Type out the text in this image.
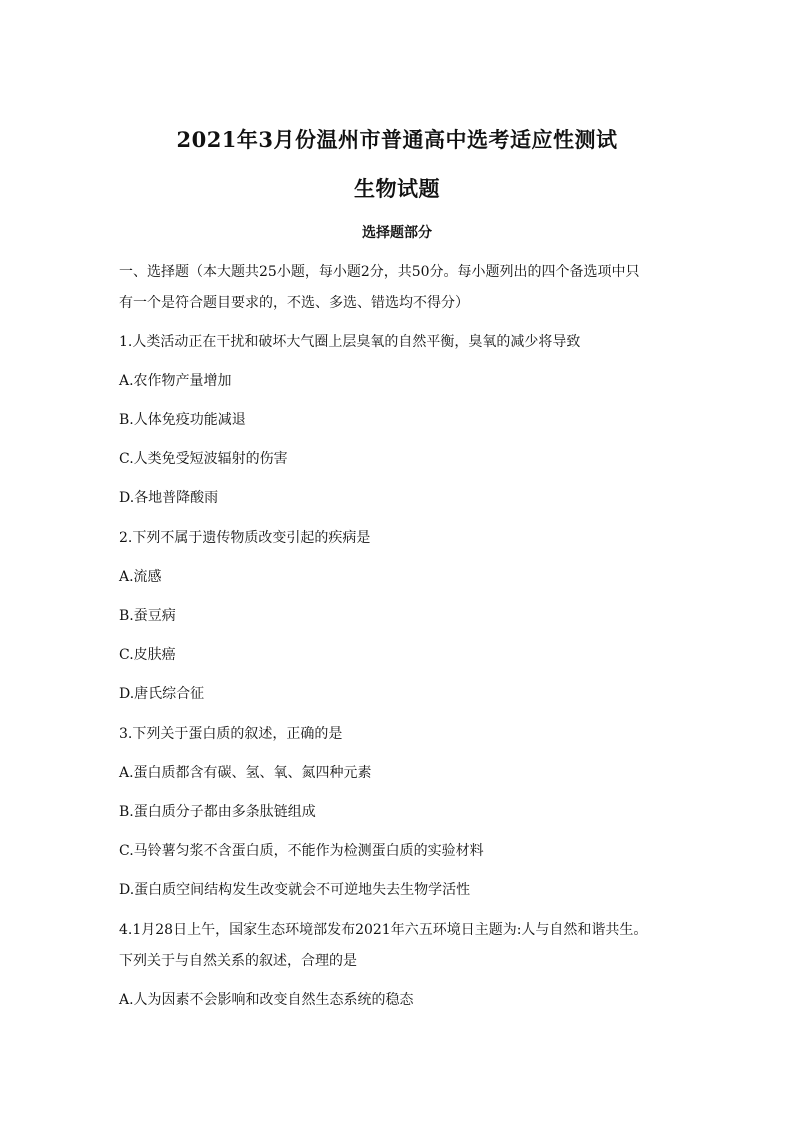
2021年3月份温州市普通高中选考适应性测试
生物试题
选择题部分
一、选择题（本大题共25小题，每小题2分，共50分。每小题列出的四个备选项中只
有一个是符合题目要求的，不选、多选、错选均不得分）
1.人类活动正在干扰和破坏大气圈上层臭氧的自然平衡，臭氧的减少将导致
A.农作物产量增加
B.人体免疫功能减退
C.人类免受短波辐射的伤害
D.各地普降酸雨
2.下列不属于遗传物质改变引起的疾病是
A.流感
B.蚕豆病
C.皮肤癌
D.唐氏综合征
3.下列关于蛋白质的叙述，正确的是
A.蛋白质都含有碳、氢、氧、氮四种元素
B.蛋白质分子都由多条肽链组成
C.马铃薯匀浆不含蛋白质，不能作为检测蛋白质的实验材料
D.蛋白质空间结构发生改变就会不可逆地失去生物学活性
4.1月28日上午，国家生态环境部发布2021年六五环境日主题为:人与自然和谐共生。
下列关于与自然关系的叙述，合理的是
A.人为因素不会影响和改变自然生态系统的稳态
